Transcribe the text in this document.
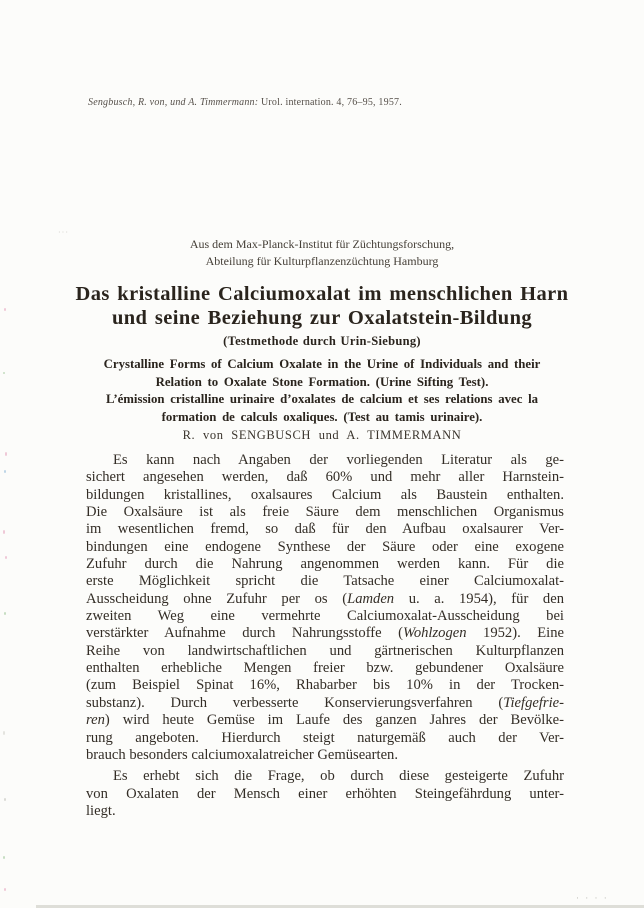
Sengbusch, R. von, und A. Timmermann: Urol. internation. 4, 76–95, 1957.
···
Aus dem Max-Planck-Institut für Züchtungsforschung,
Abteilung für Kulturpflanzenzüchtung Hamburg
Das kristalline Calciumoxalat im menschlichen Harn
und seine Beziehung zur Oxalatstein-Bildung
(Testmethode durch Urin-Siebung)
Crystalline Forms of Calcium Oxalate in the Urine of Individuals and their
Relation to Oxalate Stone Formation. (Urine Sifting Test).
L’émission cristalline urinaire d’oxalates de calcium et ses relations avec la
formation de calculs oxaliques. (Test au tamis urinaire).
R. von SENGBUSCH und A. TIMMERMANN

Es kann nach Angaben der vorliegenden Literatur als ge-
sichert angesehen werden, daß 60% und mehr aller Harnstein-
bildungen kristallines, oxalsaures Calcium als Baustein enthalten.
Die Oxalsäure ist als freie Säure dem menschlichen Organismus
im wesentlichen fremd, so daß für den Aufbau oxalsaurer Ver-
bindungen eine endogene Synthese der Säure oder eine exogene
Zufuhr durch die Nahrung angenommen werden kann. Für die
erste Möglichkeit spricht die Tatsache einer Calciumoxalat-
Ausscheidung ohne Zufuhr per os (Lamden u. a. 1954), für den
zweiten Weg eine vermehrte Calciumoxalat-Ausscheidung bei
verstärkter Aufnahme durch Nahrungsstoffe (Wohlzogen 1952). Eine
Reihe von landwirtschaftlichen und gärtnerischen Kulturpflanzen
enthalten erhebliche Mengen freier bzw. gebundener Oxalsäure
(zum Beispiel Spinat 16%, Rhabarber bis 10% in der Trocken-
substanz). Durch verbesserte Konservierungsverfahren (Tiefgefrie-
ren) wird heute Gemüse im Laufe des ganzen Jahres der Bevölke-
rung angeboten. Hierdurch steigt naturgemäß auch der Ver-
brauch besonders calciumoxalatreicher Gemüsearten.

Es erhebt sich die Frage, ob durch diese gesteigerte Zufuhr
von Oxalaten der Mensch einer erhöhten Steingefährdung unter-
liegt.

· · · ·
